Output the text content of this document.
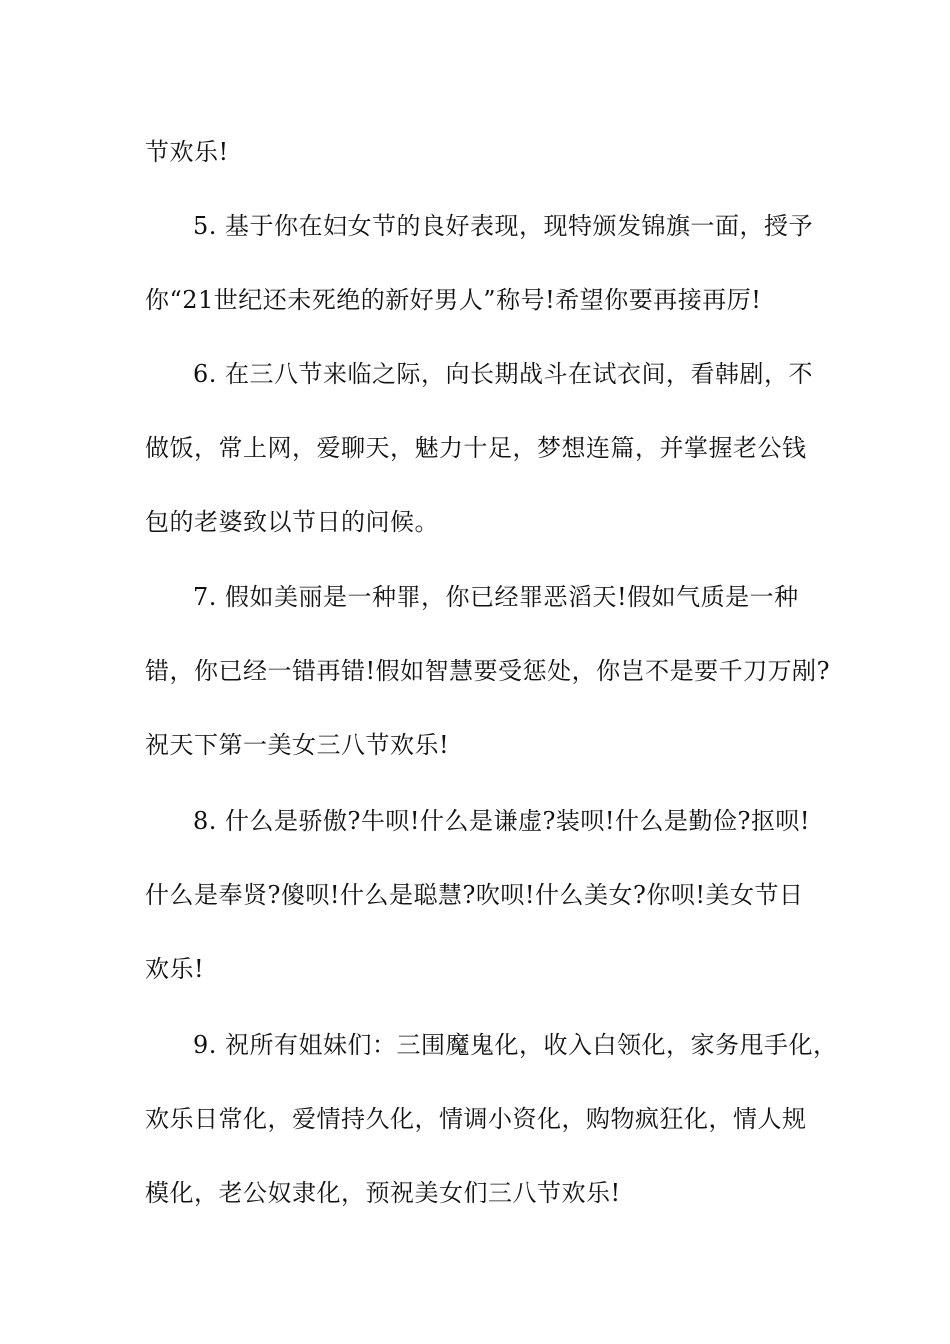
节欢乐!
5. 基于你在妇女节的良好表现，现特颁发锦旗一面，授予
你“21世纪还未死绝的新好男人”称号!希望你要再接再厉!
6. 在三八节来临之际，向长期战斗在试衣间，看韩剧，不
做饭，常上网，爱聊天，魅力十足，梦想连篇，并掌握老公钱
包的老婆致以节日的问候。
7. 假如美丽是一种罪，你已经罪恶滔天!假如气质是一种
错，你已经一错再错!假如智慧要受惩处，你岂不是要千刀万剐?
祝天下第一美女三八节欢乐!
8. 什么是骄傲?牛呗!什么是谦虚?装呗!什么是勤俭?抠呗!
什么是奉贤?傻呗!什么是聪慧?吹呗!什么美女?你呗!美女节日
欢乐!
9. 祝所有姐妹们：三围魔鬼化，收入白领化，家务甩手化，
欢乐日常化，爱情持久化，情调小资化，购物疯狂化，情人规
模化，老公奴隶化，预祝美女们三八节欢乐!
